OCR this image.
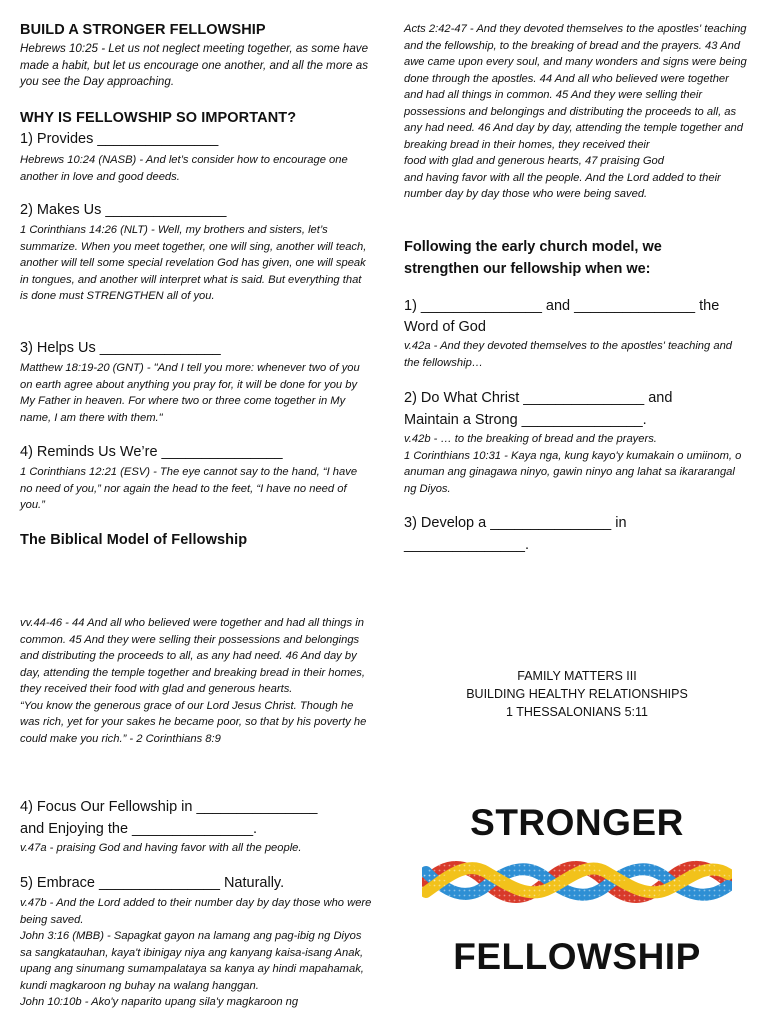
BUILD A STRONGER FELLOWSHIP
Hebrews 10:25 - Let us not neglect meeting together, as some have made a habit, but let us encourage one another, and all the more as you see the Day approaching.
WHY IS FELLOWSHIP SO IMPORTANT?
1) Provides _______________
Hebrews 10:24 (NASB) - And let’s consider how to encourage one another in love and good deeds.
2) Makes Us _______________
1 Corinthians 14:26 (NLT) - Well, my brothers and sisters, let’s summarize. When you meet together, one will sing, another will teach, another will tell some special revelation God has given, one will speak in tongues, and another will interpret what is said. But everything that is done must STRENGTHEN all of you.
3) Helps Us _______________
Matthew 18:19-20 (GNT) - "And I tell you more: whenever two of you on earth agree about anything you pray for, it will be done for you by My Father in heaven. For where two or three come together in My name, I am there with them."
4) Reminds Us We’re _______________
1 Corinthians 12:21 (ESV) - The eye cannot say to the hand, “I have no need of you,” nor again the head to the feet, “I have no need of you.”
The Biblical Model of Fellowship
vv.44-46 - 44 And all who believed were together and had all things in common. 45 And they were selling their possessions and belongings and distributing the proceeds to all, as any had need. 46 And day by day, attending the temple together and breaking bread in their homes, they received their food with glad and generous hearts.
“You know the generous grace of our Lord Jesus Christ. Though he was rich, yet for your sakes he became poor, so that by his poverty he could make you rich.” - 2 Corinthians 8:9
4) Focus Our Fellowship in _______________
and Enjoying the _______________.
v.47a - praising God and having favor with all the people.
5) Embrace _______________ Naturally.
v.47b - And the Lord added to their number day by day those who were being saved.
John 3:16 (MBB) - Sapagkat gayon na lamang ang pag-ibig ng Diyos sa sangkatauhan, kaya't ibinigay niya ang kanyang kaisa-isang Anak, upang ang sinumang sumampalataya sa kanya ay hindi mapahamak, kundi magkaroon ng buhay na walang hanggan.
John 10:10b - Ako'y naparito upang sila'y magkaroon ng
Acts 2:42-47 - And they devoted themselves to the apostles' teaching and the fellowship, to the breaking of bread and the prayers. 43 And awe came upon every soul, and many wonders and signs were being done through the apostles. 44 And all who believed were together and had all things in common. 45 And they were selling their possessions and belongings and distributing the proceeds to all, as any had need. 46 And day by day, attending the temple together and breaking bread in their homes, they received their
food with glad and generous hearts, 47 praising God
and having favor with all the people. And the Lord added to their number day by day those who were being saved.
Following the early church model, we strengthen our fellowship when we:
1) _______________ and _______________ the Word of God
v.42a - And they devoted themselves to the apostles' teaching and the fellowship…
2) Do What Christ _______________ and
Maintain a Strong _______________.
v.42b - … to the breaking of bread and the prayers.
1 Corinthians 10:31 - Kaya nga, kung kayo'y kumakain o umiinom, o anuman ang ginagawa ninyo, gawin ninyo ang lahat sa ikararangal ng Diyos.
3) Develop a _______________ in
_______________.
FAMILY MATTERS III
BUILDING HEALTHY RELATIONSHIPS
1 THESSALONIANS 5:11
STRONGER
FELLOWSHIP
